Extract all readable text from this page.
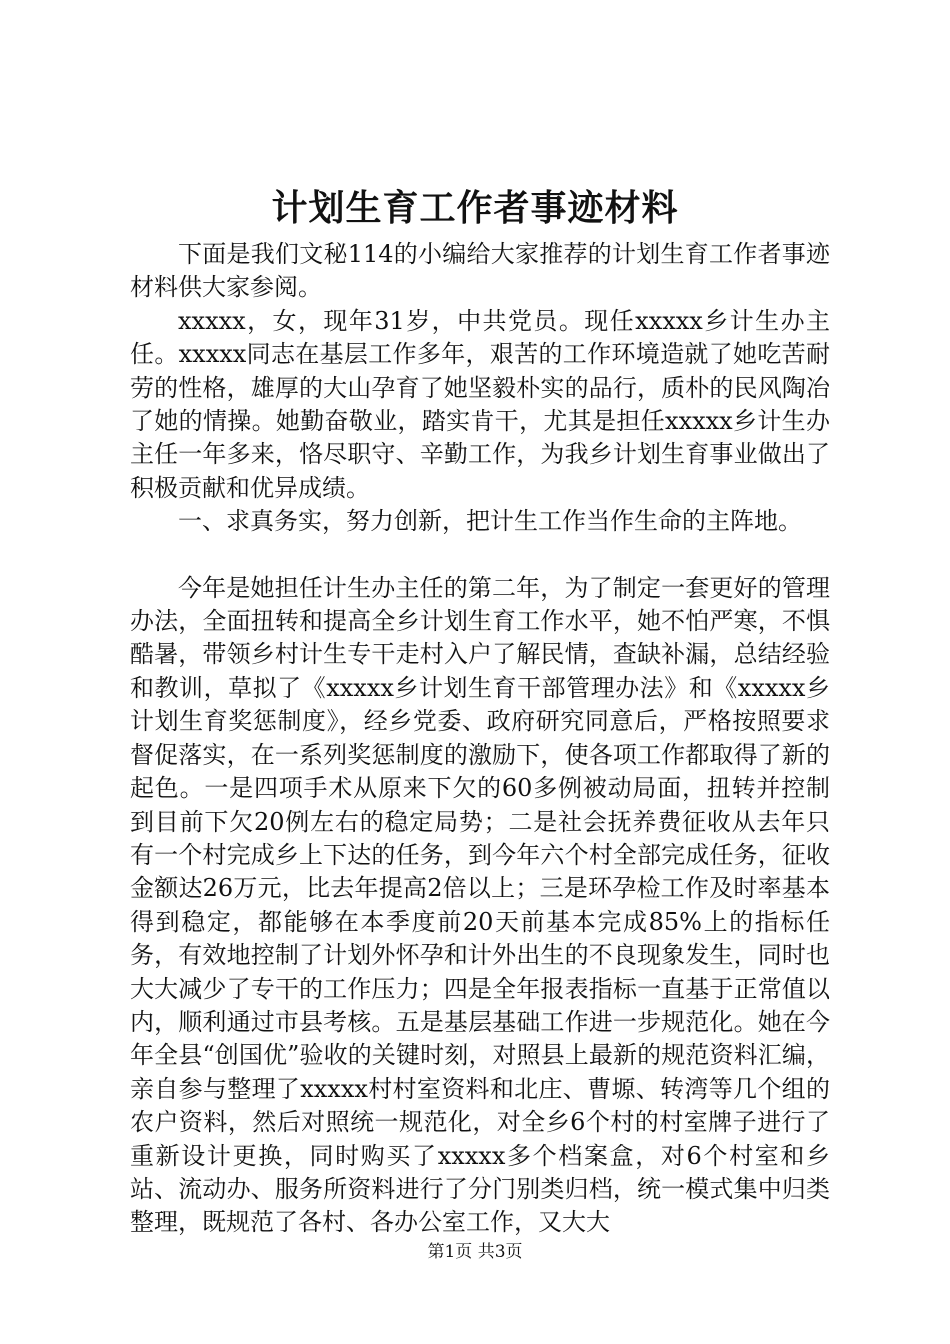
计划生育工作者事迹材料

下面是我们文秘114的小编给大家推荐的计划生育工作者事迹材料供大家参阅。

xxxxx，女，现年31岁，中共党员。现任xxxxx乡计生办主任。xxxxx同志在基层工作多年，艰苦的工作环境造就了她吃苦耐劳的性格，雄厚的大山孕育了她坚毅朴实的品行，质朴的民风陶冶了她的情操。她勤奋敬业，踏实肯干，尤其是担任xxxxx乡计生办主任一年多来，恪尽职守、辛勤工作，为我乡计划生育事业做出了积极贡献和优异成绩。

一、求真务实，努力创新，把计生工作当作生命的主阵地。

今年是她担任计生办主任的第二年，为了制定一套更好的管理办法，全面扭转和提高全乡计划生育工作水平，她不怕严寒，不惧酷暑，带领乡村计生专干走村入户了解民情，查缺补漏，总结经验和教训，草拟了《xxxxx乡计划生育干部管理办法》和《xxxxx乡计划生育奖惩制度》，经乡党委、政府研究同意后，严格按照要求督促落实，在一系列奖惩制度的激励下，使各项工作都取得了新的起色。一是四项手术从原来下欠的60多例被动局面，扭转并控制到目前下欠20例左右的稳定局势；二是社会抚养费征收从去年只有一个村完成乡上下达的任务，到今年六个村全部完成任务，征收金额达26万元，比去年提高2倍以上；三是环孕检工作及时率基本得到稳定，都能够在本季度前20天前基本完成85%上的指标任务，有效地控制了计划外怀孕和计外出生的不良现象发生，同时也大大减少了专干的工作压力；四是全年报表指标一直基于正常值以内，顺利通过市县考核。五是基层基础工作进一步规范化。她在今年全县“创国优”验收的关键时刻，对照县上最新的规范资料汇编，亲自参与整理了xxxxx村村室资料和北庄、曹塬、转湾等几个组的农户资料，然后对照统一规范化，对全乡6个村的村室牌子进行了重新设计更换，同时购买了xxxxx多个档案盒，对6个村室和乡站、流动办、服务所资料进行了分门别类归档，统一模式集中归类整理，既规范了各村、各办公室工作，又大大

第1页 共3页
